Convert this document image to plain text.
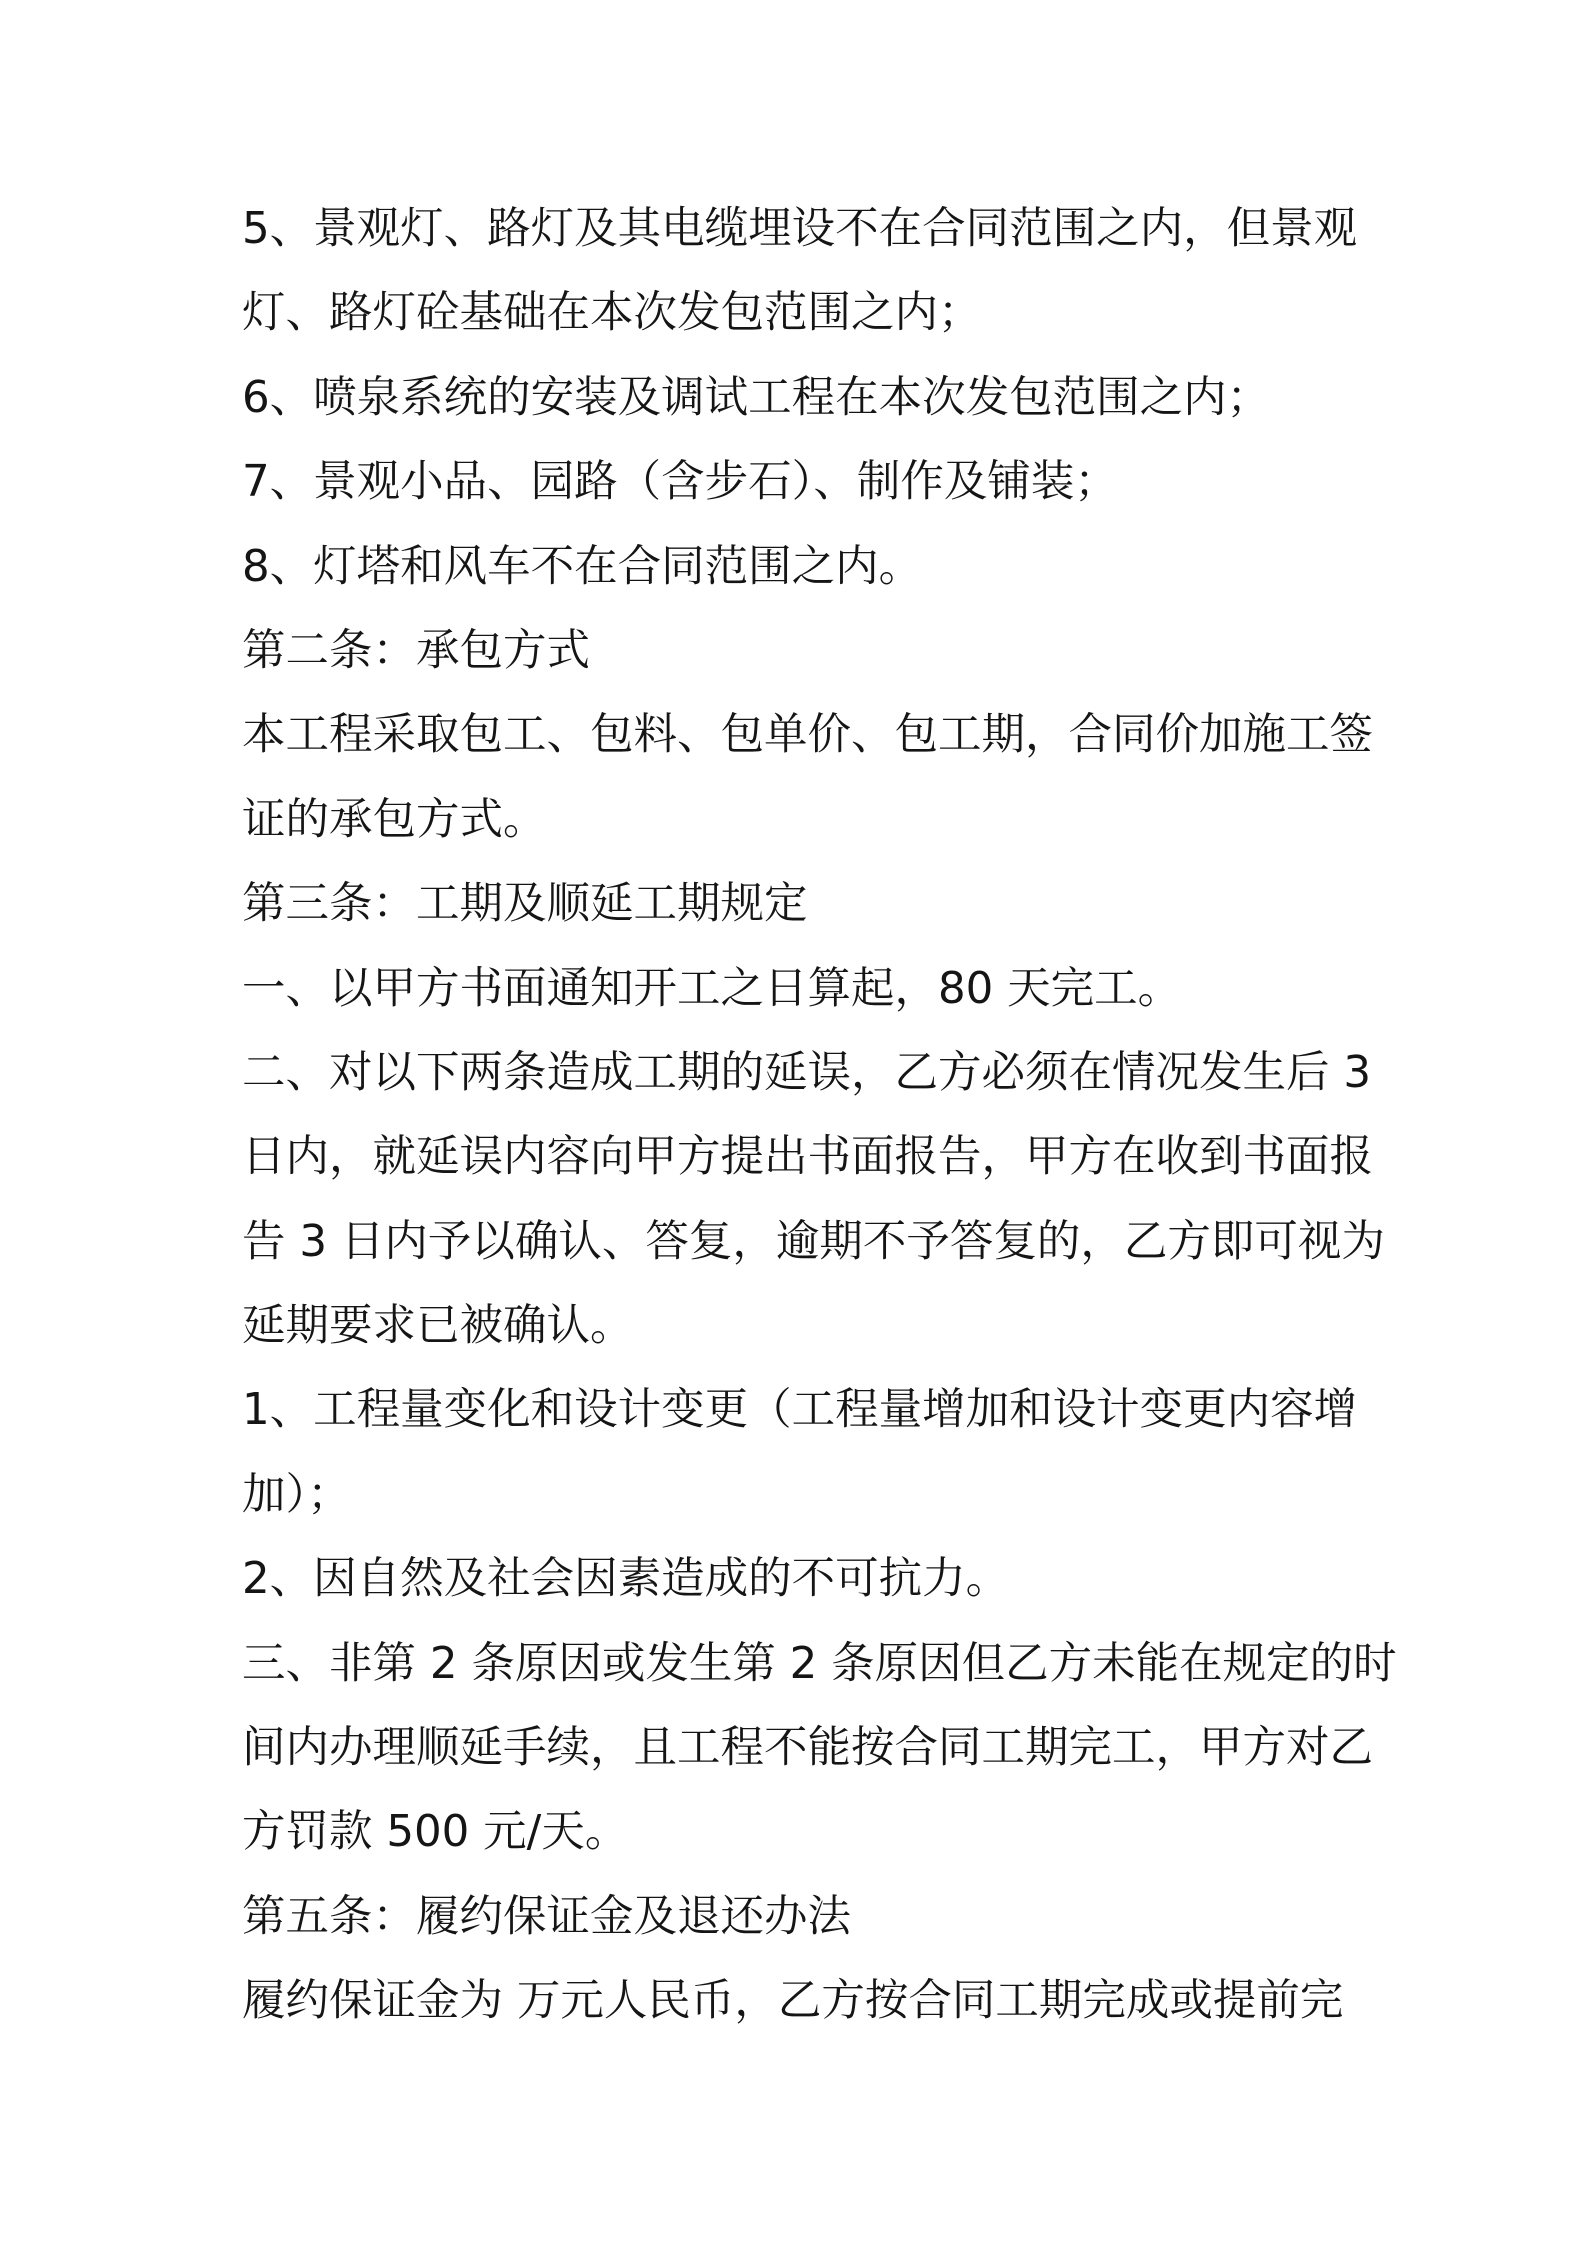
5、景观灯、路灯及其电缆埋设不在合同范围之内，但景观
灯、路灯砼基础在本次发包范围之内；
6、喷泉系统的安装及调试工程在本次发包范围之内；
7、景观小品、园路（含步石）、制作及铺装；
8、灯塔和风车不在合同范围之内。
第二条：承包方式
本工程采取包工、包料、包单价、包工期，合同价加施工签
证的承包方式。
第三条：工期及顺延工期规定
一、以甲方书面通知开工之日算起，80 天完工。
二、对以下两条造成工期的延误，乙方必须在情况发生后 3
日内，就延误内容向甲方提出书面报告，甲方在收到书面报
告 3 日内予以确认、答复，逾期不予答复的，乙方即可视为
延期要求已被确认。
1、工程量变化和设计变更（工程量增加和设计变更内容增
加）；
2、因自然及社会因素造成的不可抗力。
三、非第 2 条原因或发生第 2 条原因但乙方未能在规定的时
间内办理顺延手续，且工程不能按合同工期完工，甲方对乙
方罚款 500 元/天。
第五条：履约保证金及退还办法
履约保证金为 万元人民币，乙方按合同工期完成或提前完
